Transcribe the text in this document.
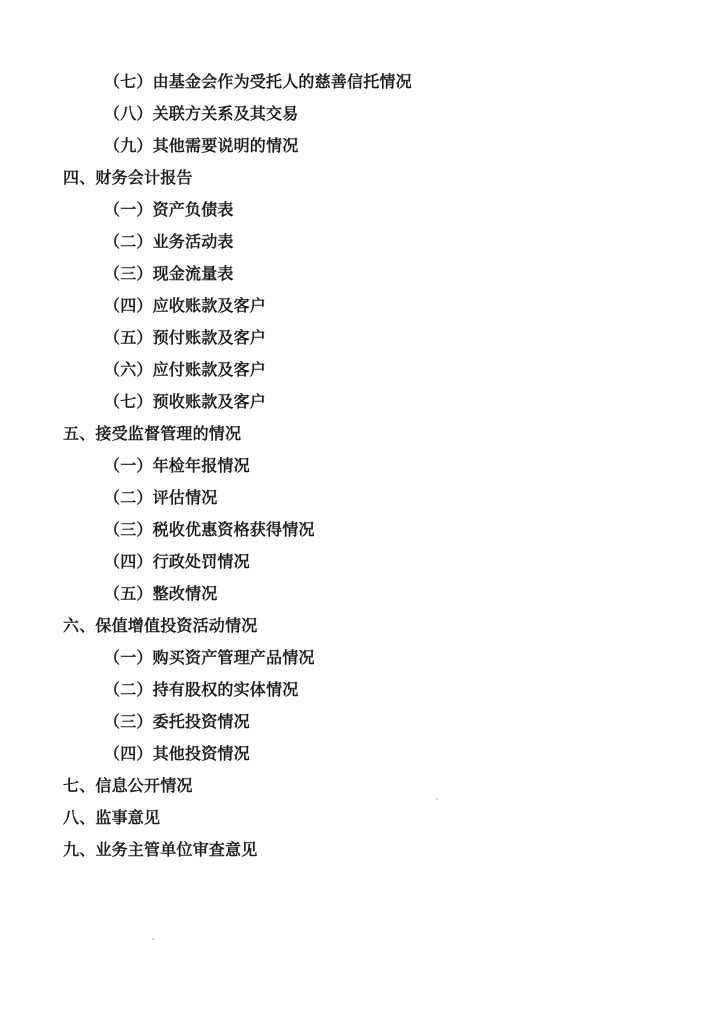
（七）由基金会作为受托人的慈善信托情况
（八）关联方关系及其交易
（九）其他需要说明的情况
四、财务会计报告
（一）资产负债表
（二）业务活动表
（三）现金流量表
（四）应收账款及客户
（五）预付账款及客户
（六）应付账款及客户
（七）预收账款及客户
五、接受监督管理的情况
（一）年检年报情况
（二）评估情况
（三）税收优惠资格获得情况
（四）行政处罚情况
（五）整改情况
六、保值增值投资活动情况
（一）购买资产管理产品情况
（二）持有股权的实体情况
（三）委托投资情况
（四）其他投资情况
七、信息公开情况
八、监事意见
九、业务主管单位审查意见
